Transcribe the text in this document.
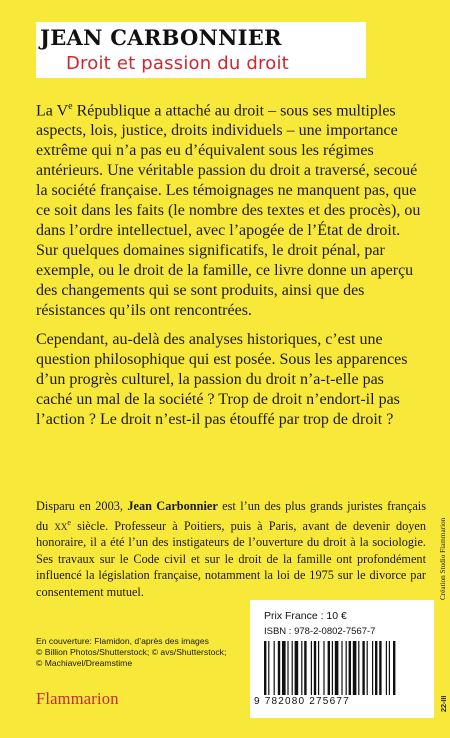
JEAN CARBONNIER
Droit et passion du droit

La Ve République a attaché au droit – sous ses multiples aspects, lois, justice, droits individuels – une importance extrême qui n’a pas eu d’équivalent sous les régimes antérieurs. Une véritable passion du droit a traversé, secoué la société française. Les témoignages ne manquent pas, que ce soit dans les faits (le nombre des textes et des procès), ou dans l’ordre intellectuel, avec l’apogée de l’État de droit. Sur quelques domaines significatifs, le droit pénal, par exemple, ou le droit de la famille, ce livre donne un aperçu des changements qui se sont produits, ainsi que des résistances qu’ils ont rencontrées.

Cependant, au-delà des analyses historiques, c’est une question philosophique qui est posée. Sous les apparences d’un progrès culturel, la passion du droit n’a-t-elle pas caché un mal de la société ? Trop de droit n’endort-il pas l’action ? Le droit n’est-il pas étouffé par trop de droit ?

Disparu en 2003, Jean Carbonnier est l’un des plus grands juristes français du $xx^e$ siècle. Professeur à Poitiers, puis à Paris, avant de devenir doyen honoraire, il a été l’un des instigateurs de l’ouverture du droit à la sociologie. Ses travaux sur le Code civil et sur le droit de la famille ont profondément influencé la législation française, notamment la loi de 1975 sur le divorce par consentement mutuel.
Prix France : 10 €
ISBN : 978-2-0802-7567-7
9 782080 275677
En couverture: Flamidon, d’après des images
© Billion Photos/Shutterstock; © avs/Shutterstock;
© Machiavel/Dreamstime
Flammarion
Création Studio Flammarion
22-III
